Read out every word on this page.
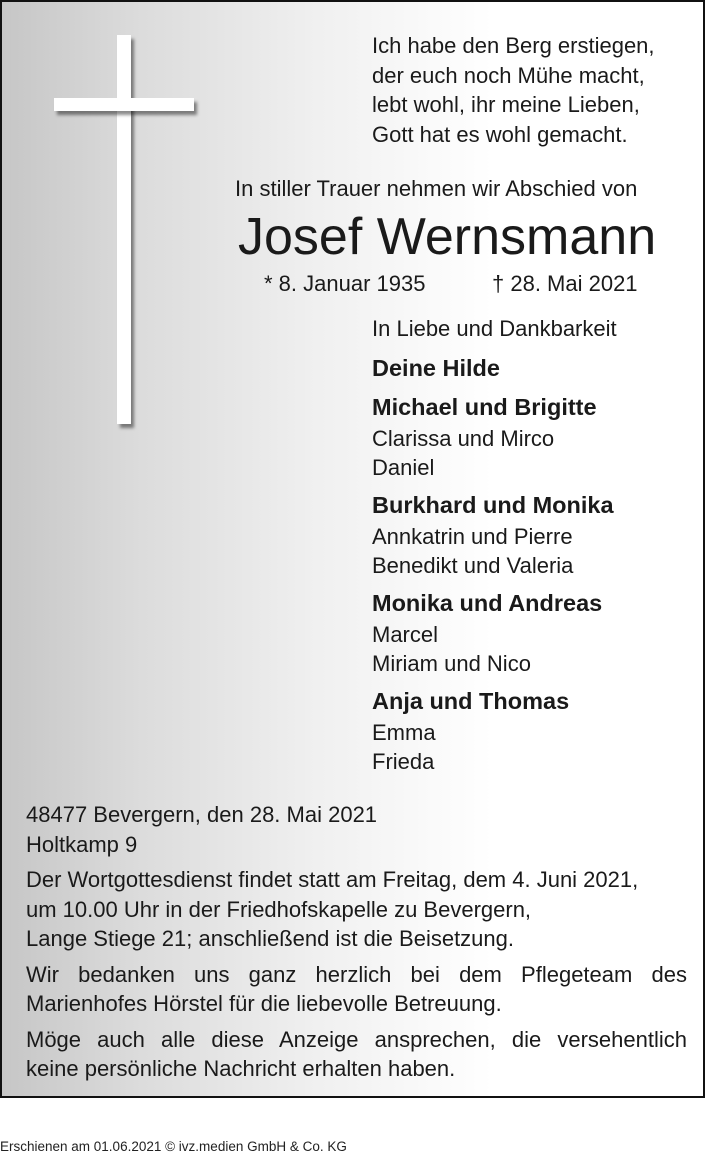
Ich habe den Berg erstiegen,
der euch noch Mühe macht,
lebt wohl, ihr meine Lieben,
Gott hat es wohl gemacht.
In stiller Trauer nehmen wir Abschied von
Josef Wernsmann
* 8. Januar 1935	† 28. Mai 2021
In Liebe und Dankbarkeit
Deine Hilde
Michael und Brigitte
Clarissa und Mirco
Daniel
Burkhard und Monika
Annkatrin und Pierre
Benedikt und Valeria
Monika und Andreas
Marcel
Miriam und Nico
Anja und Thomas
Emma
Frieda
48477 Bevergern, den 28. Mai 2021
Holtkamp 9
Der Wortgottesdienst findet statt am Freitag, dem 4. Juni 2021,
um 10.00 Uhr in der Friedhofskapelle zu Bevergern,
Lange Stiege 21; anschließend ist die Beisetzung.
Wir bedanken uns ganz herzlich bei dem Pflegeteam des
Marienhofes Hörstel für die liebevolle Betreuung.
Möge auch alle diese Anzeige ansprechen, die versehentlich
keine persönliche Nachricht erhalten haben.
Erschienen am 01.06.2021 © ivz.medien GmbH & Co. KG
